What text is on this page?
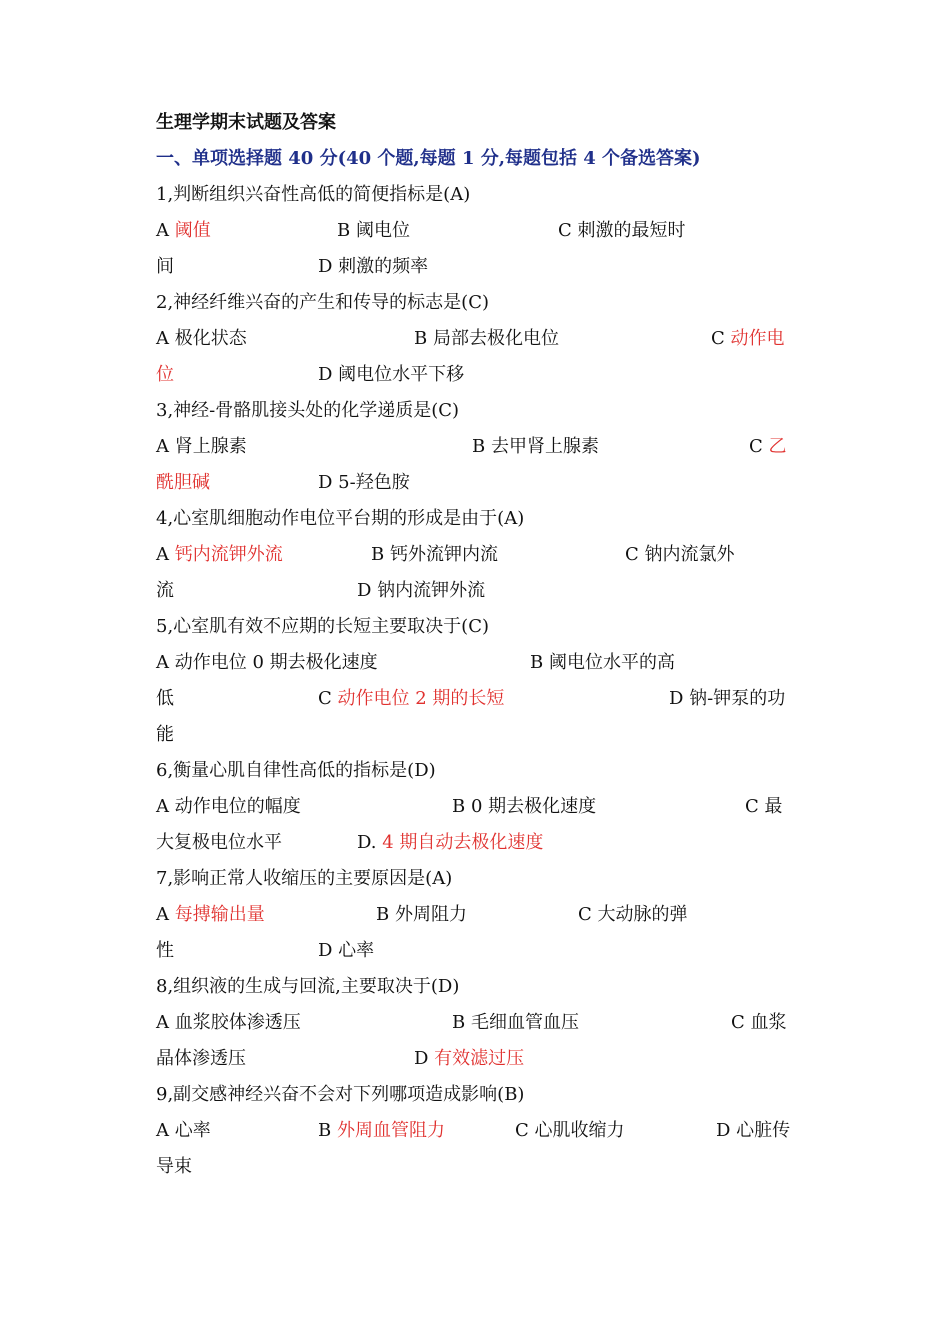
生理学期末试题及答案
一、单项选择题 40 分(40 个题,每题 1 分,每题包括 4 个备选答案)
1,判断组织兴奋性高低的简便指标是(A)
A 阈值	B 阈电位	C 刺激的最短时
间	D 刺激的频率
2,神经纤维兴奋的产生和传导的标志是(C)
A 极化状态	B 局部去极化电位	C 动作电
位	D 阈电位水平下移
3,神经-骨骼肌接头处的化学递质是(C)
A 肾上腺素	B 去甲肾上腺素	C 乙
酰胆碱	D 5-羟色胺
4,心室肌细胞动作电位平台期的形成是由于(A)
A 钙内流钾外流	B 钙外流钾内流	C 钠内流氯外
流	D 钠内流钾外流
5,心室肌有效不应期的长短主要取决于(C)
A 动作电位 0 期去极化速度	B 阈电位水平的高
低	C 动作电位 2 期的长短	D 钠-钾泵的功
能
6,衡量心肌自律性高低的指标是(D)
A 动作电位的幅度	B 0 期去极化速度	C 最
大复极电位水平	D. 4 期自动去极化速度
7,影响正常人收缩压的主要原因是(A)
A 每搏输出量	B 外周阻力	C 大动脉的弹
性	D 心率
8,组织液的生成与回流,主要取决于(D)
A 血浆胶体渗透压	B 毛细血管血压	C 血浆
晶体渗透压	D 有效滤过压
9,副交感神经兴奋不会对下列哪项造成影响(B)
A 心率	B 外周血管阻力	C 心肌收缩力	D 心脏传
导束
